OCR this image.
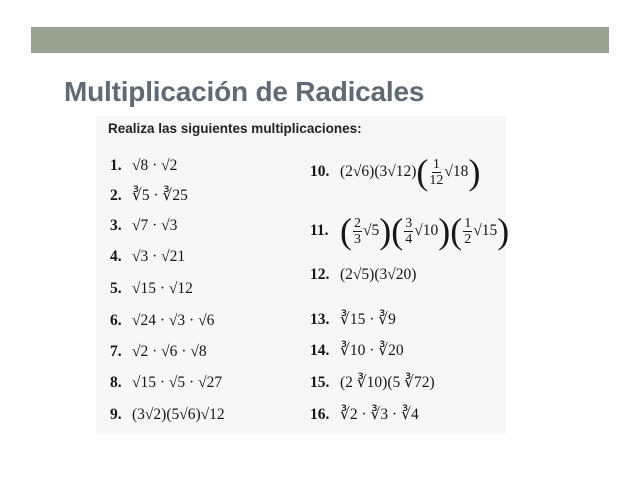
Multiplicación de Radicales
Realiza las siguientes multiplicaciones:
1. √8 · √2
2. ∛5 · ∛25
3. √7 · √3
4. √3 · √21
5. √15 · √12
6. √24 · √3 · √6
7. √2 · √6 · √8
8. √15 · √5 · √27
9. (3√2)(5√6)√12
10. $(2√6)(3√12)( \frac{1}{12} √18)$
11. ( $\frac{2}{3} √5)( \frac{3}{4} √10)( \frac{1}{2} √15)$
12. (2√5)(3√20)
13. ∛15 · ∛9
14. ∛10 · ∛20
15. (2 ∛10)(5 ∛72)
16. ∛2 · ∛3 · ∛4
